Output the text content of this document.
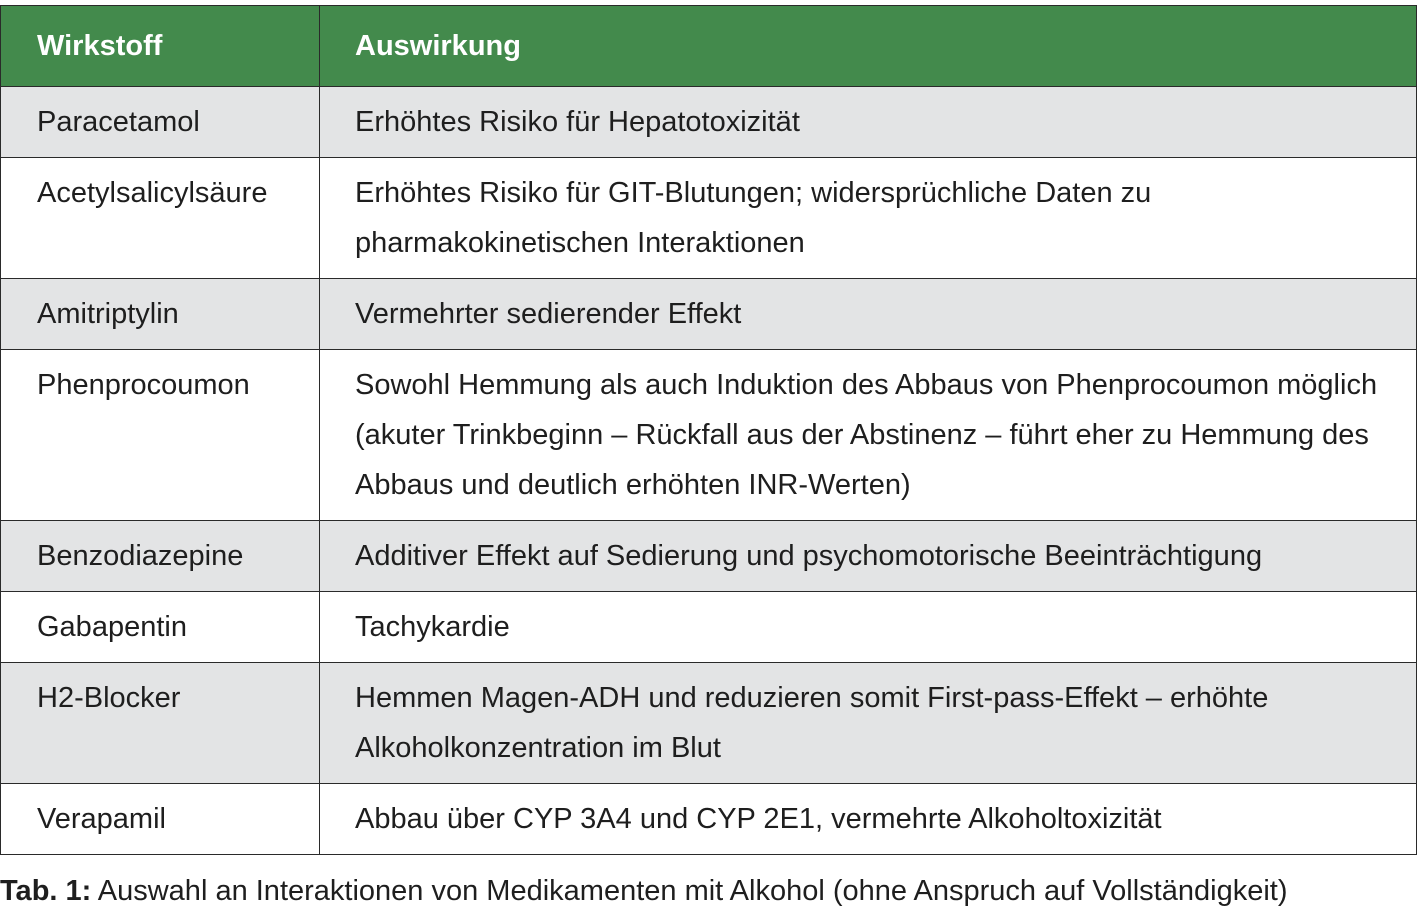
Wirkstoff	Auswirkung
Paracetamol	Erhöhtes Risiko für Hepatotoxizität
Acetylsalicylsäure	Erhöhtes Risiko für GIT-Blutungen; widersprüchliche Daten zu pharmakokinetischen Interaktionen
Amitriptylin	Vermehrter sedierender Effekt
Phenprocoumon	Sowohl Hemmung als auch Induktion des Abbaus von Phenprocoumon möglich (akuter Trinkbeginn – Rückfall aus der Abstinenz – führt eher zu Hemmung des Abbaus und deutlich erhöhten INR-Werten)
Benzodiazepine	Additiver Effekt auf Sedierung und psychomotorische Beeinträchtigung
Gabapentin	Tachykardie
H2-Blocker	Hemmen Magen-ADH und reduzieren somit First-pass-Effekt – erhöhte Alkoholkonzentration im Blut
Verapamil	Abbau über CYP 3A4 und CYP 2E1, vermehrte Alkoholtoxizität
Tab. 1: Auswahl an Interaktionen von Medikamenten mit Alkohol (ohne Anspruch auf Vollständigkeit)
